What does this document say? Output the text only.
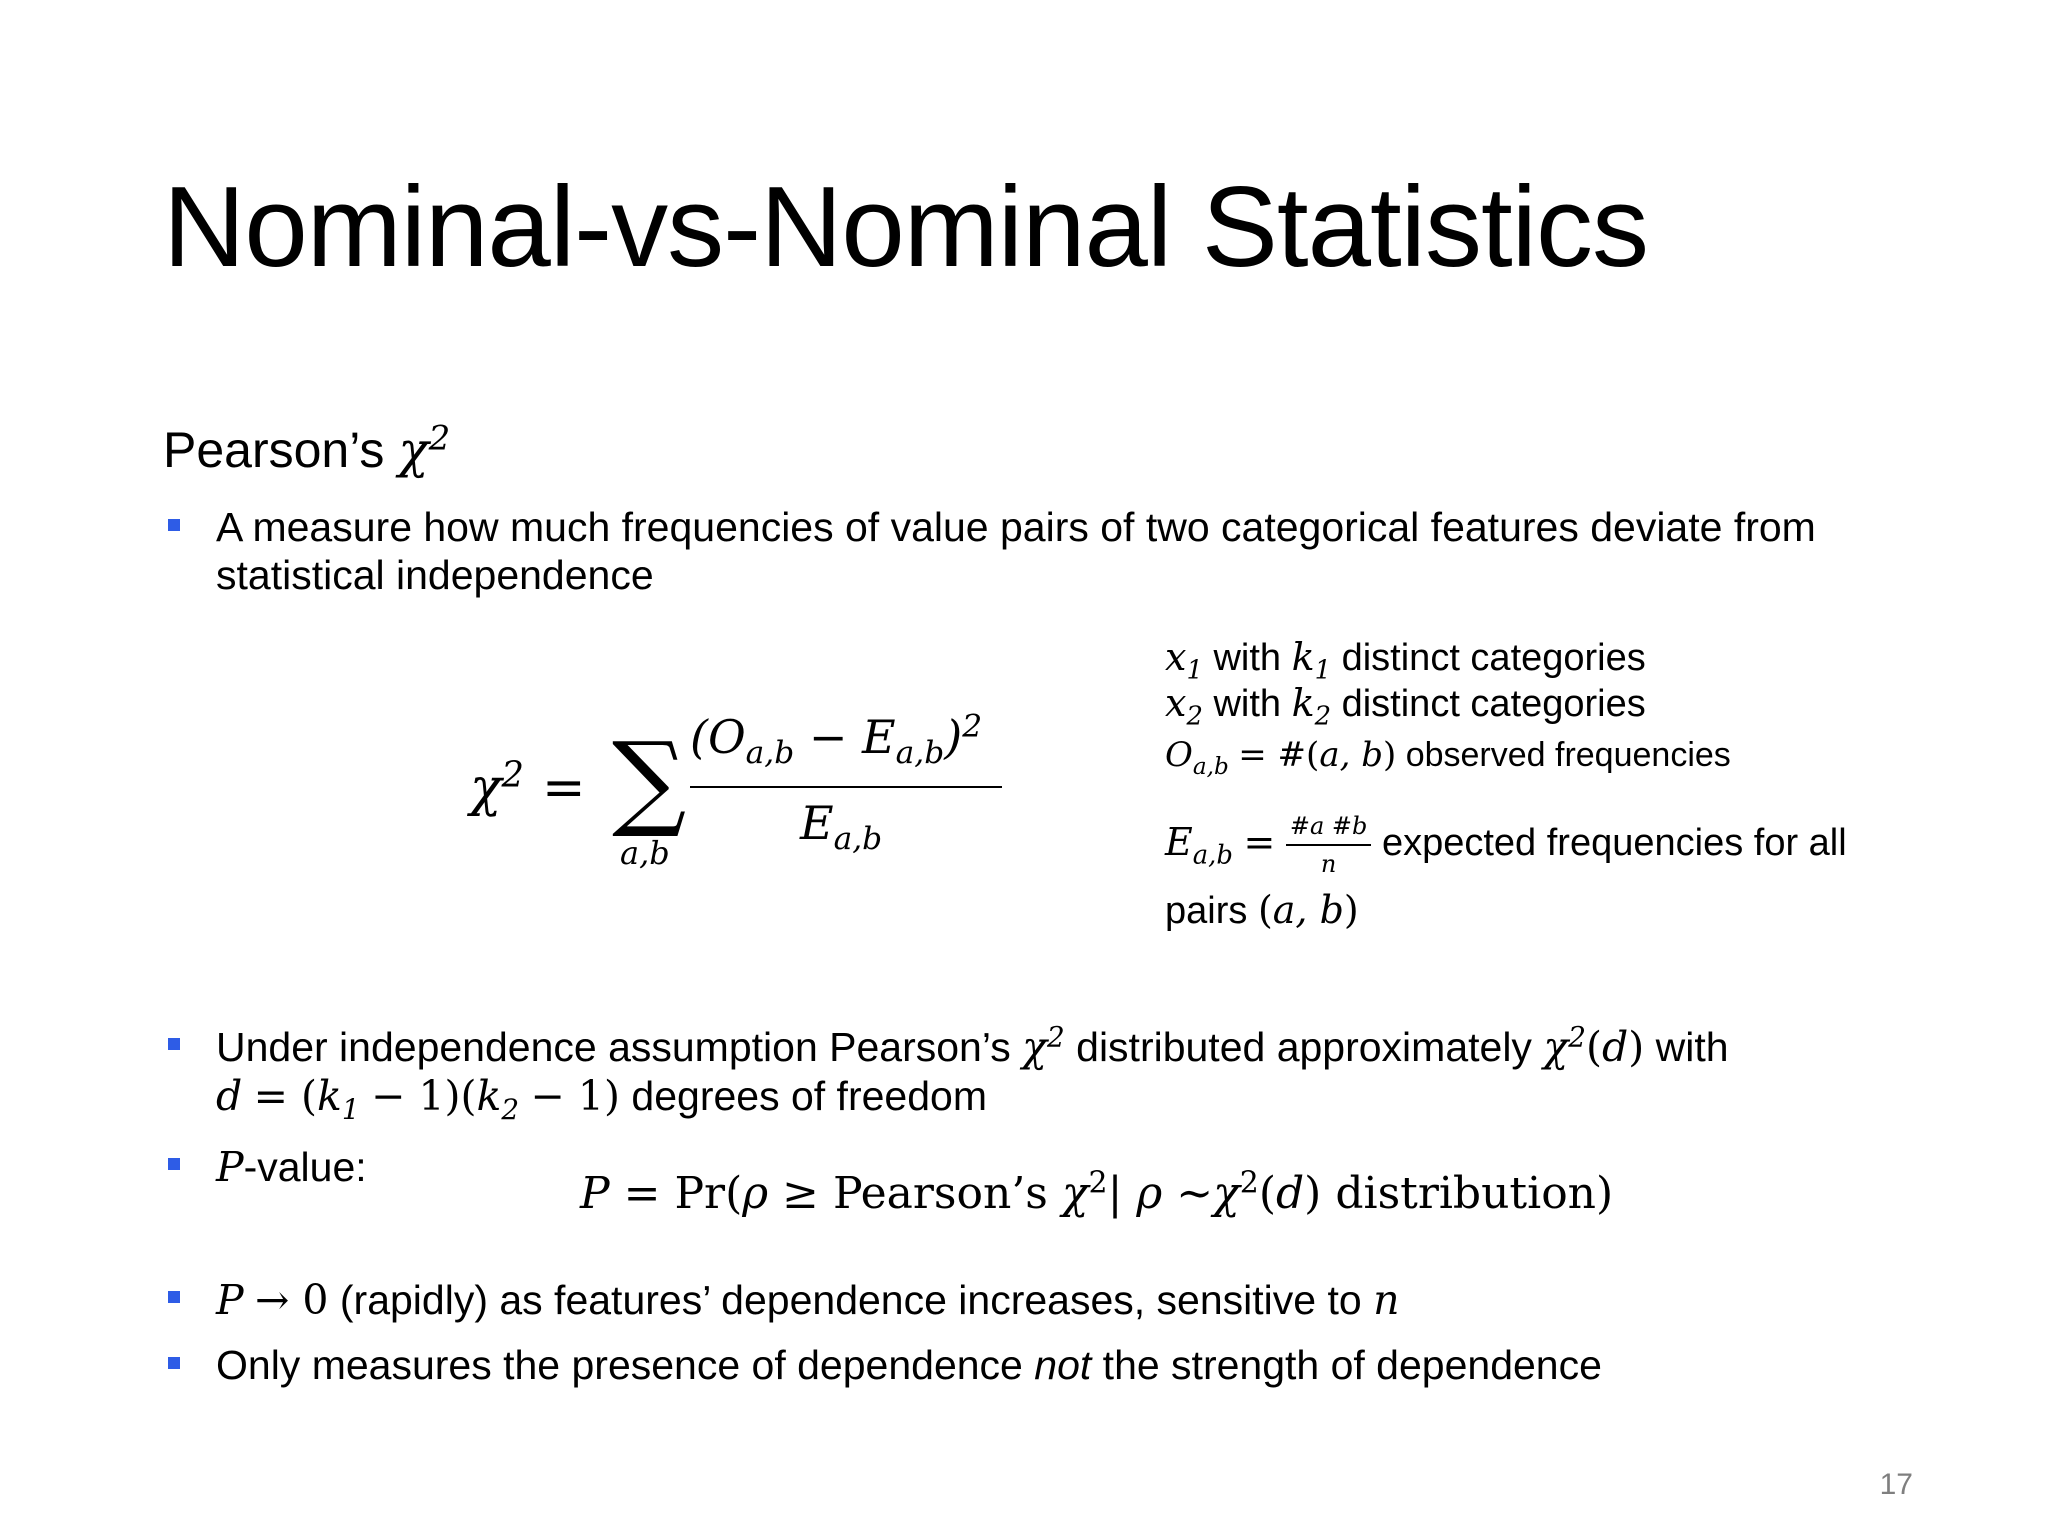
Nominal-vs-Nominal Statistics
Pearson’s $\chi^2$
A measure how much frequencies of value pairs of two categorical features deviate from
statistical independence
$\chi^2$ = ∑
a,b
$(O_{a,b} - E_{a,b})^2$
$E_{a,b}$
$x_1$ with $k_1$ distinct categories
$x_2$ with $k_2$ distinct categories
$O_{a,b}$ = #(a, b) observed frequencies
$E_{a,b} = \frac{\#a \#b}{n}$ expected frequencies for all
pairs (a, b)
Under independence assumption Pearson’s $\chi^2$ distributed approximately $\chi^2(d)$ with
$d = (k_1 - 1)(k_2 - 1)$ degrees of freedom
P-value:
P = Pr(ρ ≥ Pearson’s $\chi^2|$ ρ $\sim\chi^2(d)$ distribution)
P → 0 (rapidly) as features’ dependence increases, sensitive to n
Only measures the presence of dependence not the strength of dependence
17
